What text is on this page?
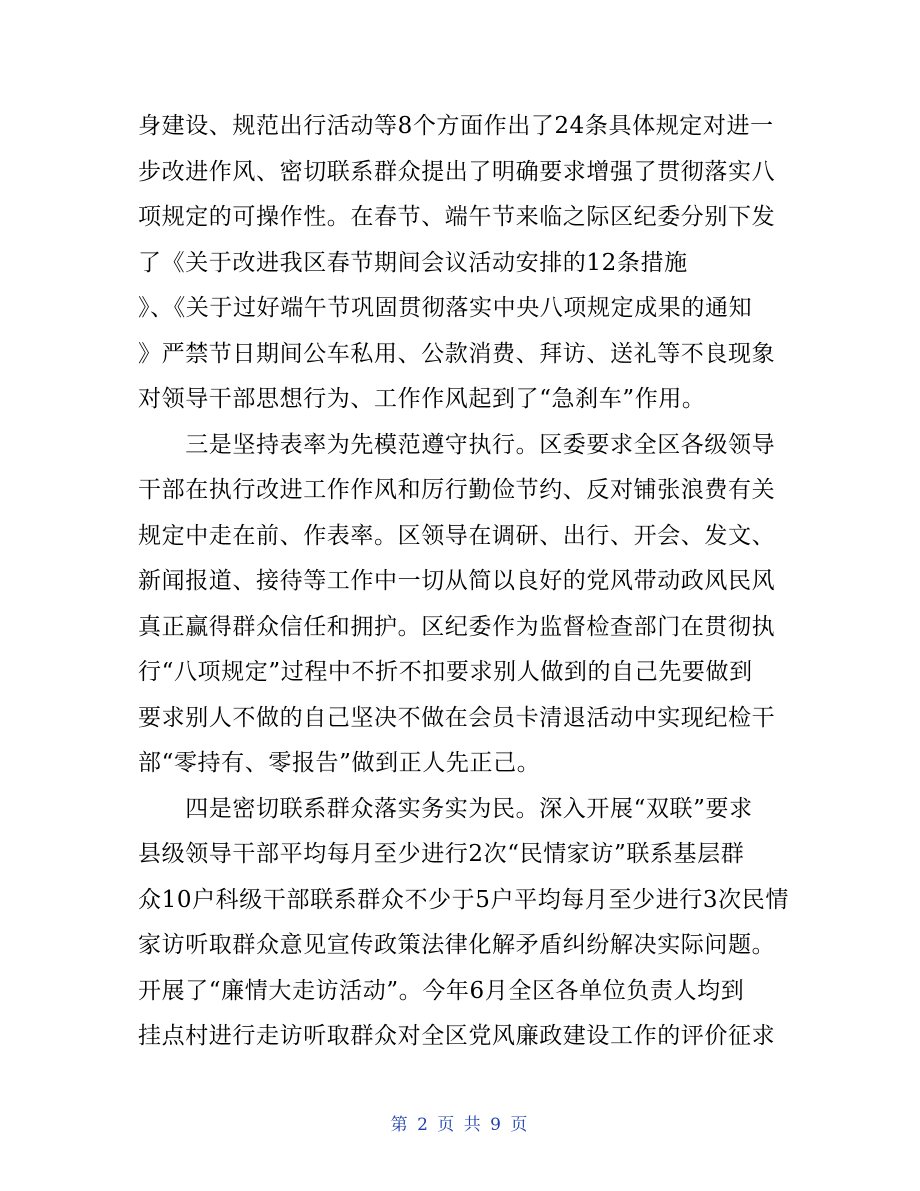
身建设、规范出行活动等8个方面作出了24条具体规定对进一
步改进作风、密切联系群众提出了明确要求增强了贯彻落实八
项规定的可操作性。在春节、端午节来临之际区纪委分别下发
了《关于改进我区春节期间会议活动安排的12条措施
》、《关于过好端午节巩固贯彻落实中央八项规定成果的通知
》严禁节日期间公车私用、公款消费、拜访、送礼等不良现象
对领导干部思想行为、工作作风起到了“急刹车”作用。
　　三是坚持表率为先模范遵守执行。区委要求全区各级领导
干部在执行改进工作作风和厉行勤俭节约、反对铺张浪费有关
规定中走在前、作表率。区领导在调研、出行、开会、发文、
新闻报道、接待等工作中一切从简以良好的党风带动政风民风
真正赢得群众信任和拥护。区纪委作为监督检查部门在贯彻执
行“八项规定”过程中不折不扣要求别人做到的自己先要做到
要求别人不做的自己坚决不做在会员卡清退活动中实现纪检干
部“零持有、零报告”做到正人先正己。
　　四是密切联系群众落实务实为民。深入开展“双联”要求
县级领导干部平均每月至少进行2次“民情家访”联系基层群
众10户科级干部联系群众不少于5户平均每月至少进行3次民情
家访听取群众意见宣传政策法律化解矛盾纠纷解决实际问题。
开展了“廉情大走访活动”。今年6月全区各单位负责人均到
挂点村进行走访听取群众对全区党风廉政建设工作的评价征求
第 2 页 共 9 页
